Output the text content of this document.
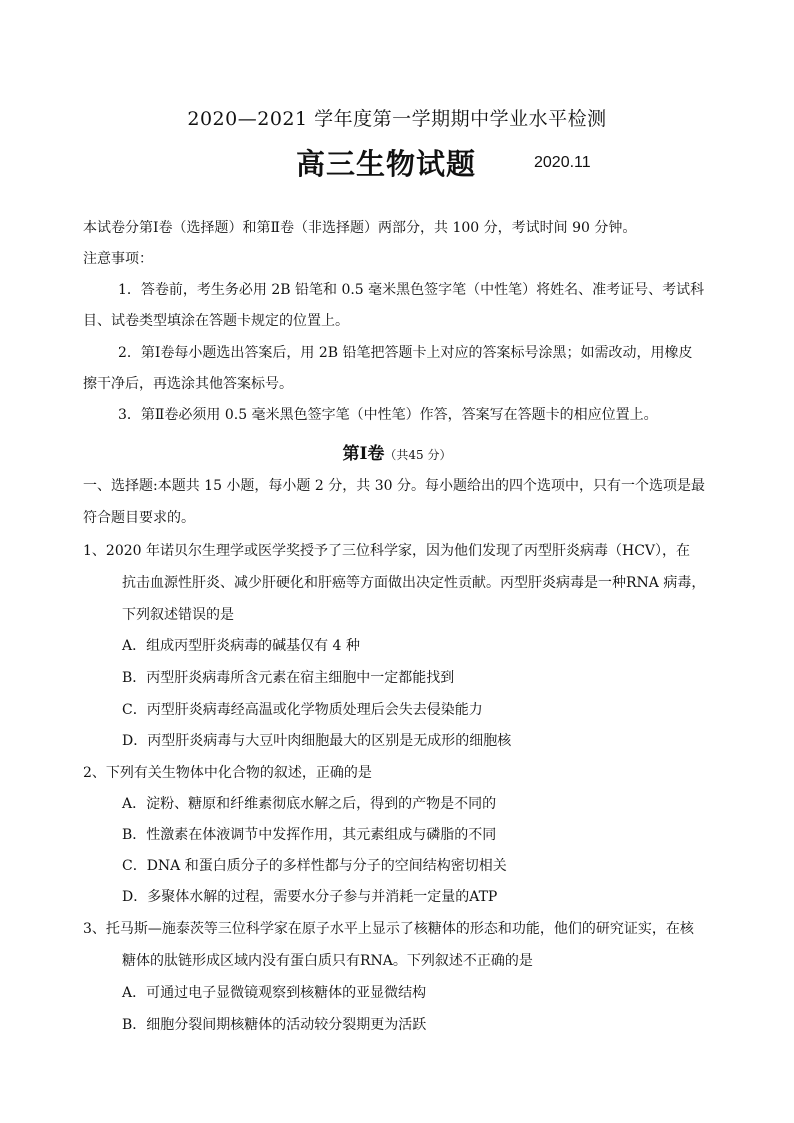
2020—2021 学年度第一学期期中学业水平检测
高三生物试题	2020.11
本试卷分第Ⅰ卷（选择题）和第Ⅱ卷（非选择题）两部分，共 100 分，考试时间 90 分钟。
注意事项：
1．答卷前，考生务必用 2B 铅笔和 0.5 毫米黑色签字笔（中性笔）将姓名、准考证号、考试科
目、试卷类型填涂在答题卡规定的位置上。
2．第Ⅰ卷每小题选出答案后，用 2B 铅笔把答题卡上对应的答案标号涂黑；如需改动，用橡皮
擦干净后，再选涂其他答案标号。
3．第Ⅱ卷必须用 0.5 毫米黑色签字笔（中性笔）作答，答案写在答题卡的相应位置上。
第Ⅰ卷（共45 分）
一、选择题:本题共 15 小题，每小题 2 分，共 30 分。每小题给出的四个选项中，只有一个选项是最
符合题目要求的。
1、2020 年诺贝尔生理学或医学奖授予了三位科学家，因为他们发现了丙型肝炎病毒（HCV），在
抗击血源性肝炎、减少肝硬化和肝癌等方面做出决定性贡献。丙型肝炎病毒是一种RNA 病毒，
下列叙述错误的是
A．组成丙型肝炎病毒的碱基仅有 4 种
B．丙型肝炎病毒所含元素在宿主细胞中一定都能找到
C．丙型肝炎病毒经高温或化学物质处理后会失去侵染能力
D．丙型肝炎病毒与大豆叶肉细胞最大的区别是无成形的细胞核
2、下列有关生物体中化合物的叙述，正确的是
A．淀粉、糖原和纤维素彻底水解之后，得到的产物是不同的
B．性激素在体液调节中发挥作用，其元素组成与磷脂的不同
C．DNA 和蛋白质分子的多样性都与分子的空间结构密切相关
D．多聚体水解的过程，需要水分子参与并消耗一定量的ATP
3、托马斯—施泰茨等三位科学家在原子水平上显示了核糖体的形态和功能，他们的研究证实，在核
糖体的肽链形成区域内没有蛋白质只有RNA。下列叙述不正确的是
A．可通过电子显微镜观察到核糖体的亚显微结构
B．细胞分裂间期核糖体的活动较分裂期更为活跃
